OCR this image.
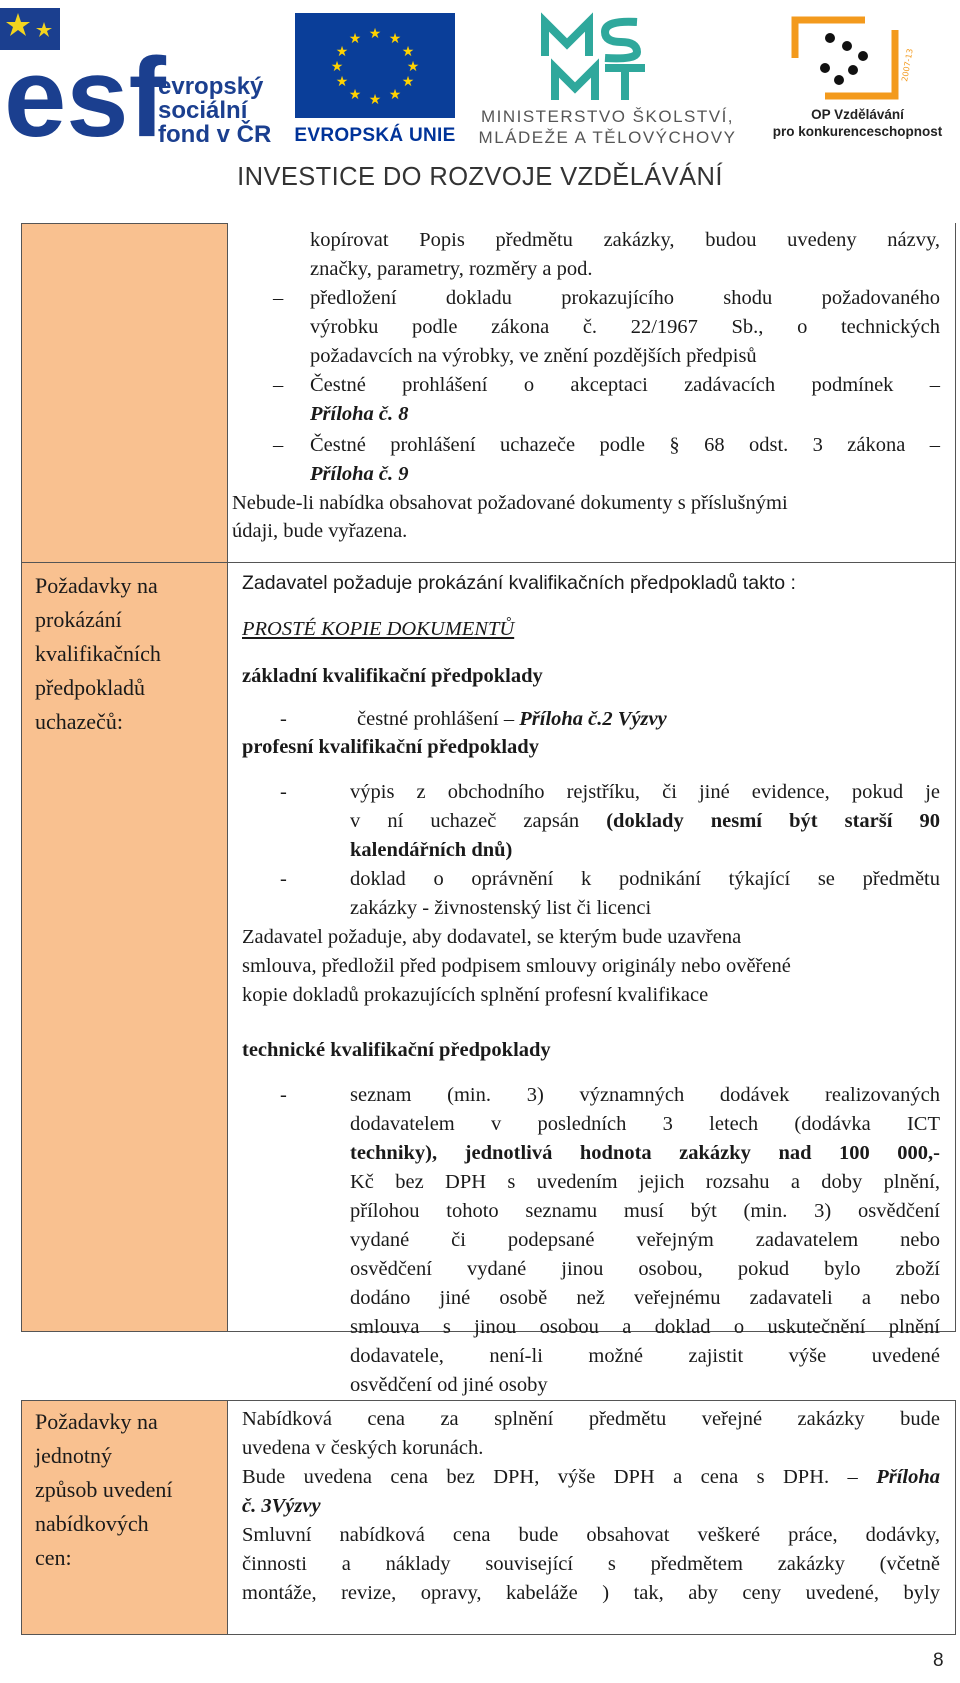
esf
evropský
sociální
fond v ČR
★ ★
★
★
★
★
★
★
★
★
★
★
EVROPSKÁ UNIE
MINISTERSTVO ŠKOLSTVÍ,
MLÁDEŽE A TĚLOVÝCHOVY
2007-13
OP Vzdělávání
pro konkurenceschopnost
INVESTICE DO ROZVOJE VZDĚLÁVÁNÍ
kopírovat Popis předmětu zakázky, budou uvedeny názvy,
značky, parametry, rozměry a pod.
– předložení dokladu prokazujícího shodu požadovaného
výrobku podle zákona č. 22/1967 Sb., o technických
požadavcích na výrobky, ve znění pozdějších předpisů
– Čestné prohlášení o akceptaci zadávacích podmínek –
Příloha č. 8
– Čestné prohlášení uchazeče podle § 68 odst. 3 zákona –
Příloha č. 9
Nebude-li nabídka obsahovat požadované dokumenty s příslušnými
údaji, bude vyřazena.
Požadavky na
prokázání
kvalifikačních
předpokladů
uchazečů:
Zadavatel požaduje prokázání kvalifikačních předpokladů takto :
PROSTÉ KOPIE DOKUMENTŮ
základní kvalifikační předpoklady
-	čestné prohlášení – Příloha č.2 Výzvy
profesní kvalifikační předpoklady
-	výpis z obchodního rejstříku, či jiné evidence, pokud je
v ní uchazeč zapsán (doklady nesmí být starší 90
kalendářních dnů)
-	doklad o oprávnění k podnikání týkající se předmětu
zakázky - živnostenský list či licenci
Zadavatel požaduje, aby dodavatel, se kterým bude uzavřena
smlouva, předložil před podpisem smlouvy originály nebo ověřené
kopie dokladů prokazujících splnění profesní kvalifikace
technické kvalifikační předpoklady
-	seznam (min. 3) významných dodávek realizovaných
dodavatelem v posledních 3 letech (dodávka ICT
techniky), jednotlivá hodnota zakázky nad 100 000,-
Kč bez DPH s uvedením jejich rozsahu a doby plnění,
přílohou tohoto seznamu musí být (min. 3) osvědčení
vydané či podepsané veřejným zadavatelem nebo
osvědčení vydané jinou osobou, pokud bylo zboží
dodáno jiné osobě než veřejnému zadavateli a nebo
smlouva s jinou osobou a doklad o uskutečnění plnění
dodavatele, není-li možné zajistit výše uvedené
osvědčení od jiné osoby
Požadavky na
jednotný
způsob uvedení
nabídkových
cen:
Nabídková cena za splnění předmětu veřejné zakázky bude
uvedena v českých korunách.
Bude uvedena cena bez DPH, výše DPH a cena s DPH. – Příloha
č. 3Výzvy
Smluvní nabídková cena bude obsahovat veškeré práce, dodávky,
činnosti a náklady související s předmětem zakázky (včetně
montáže, revize, opravy, kabeláže ) tak, aby ceny uvedené, byly
8
